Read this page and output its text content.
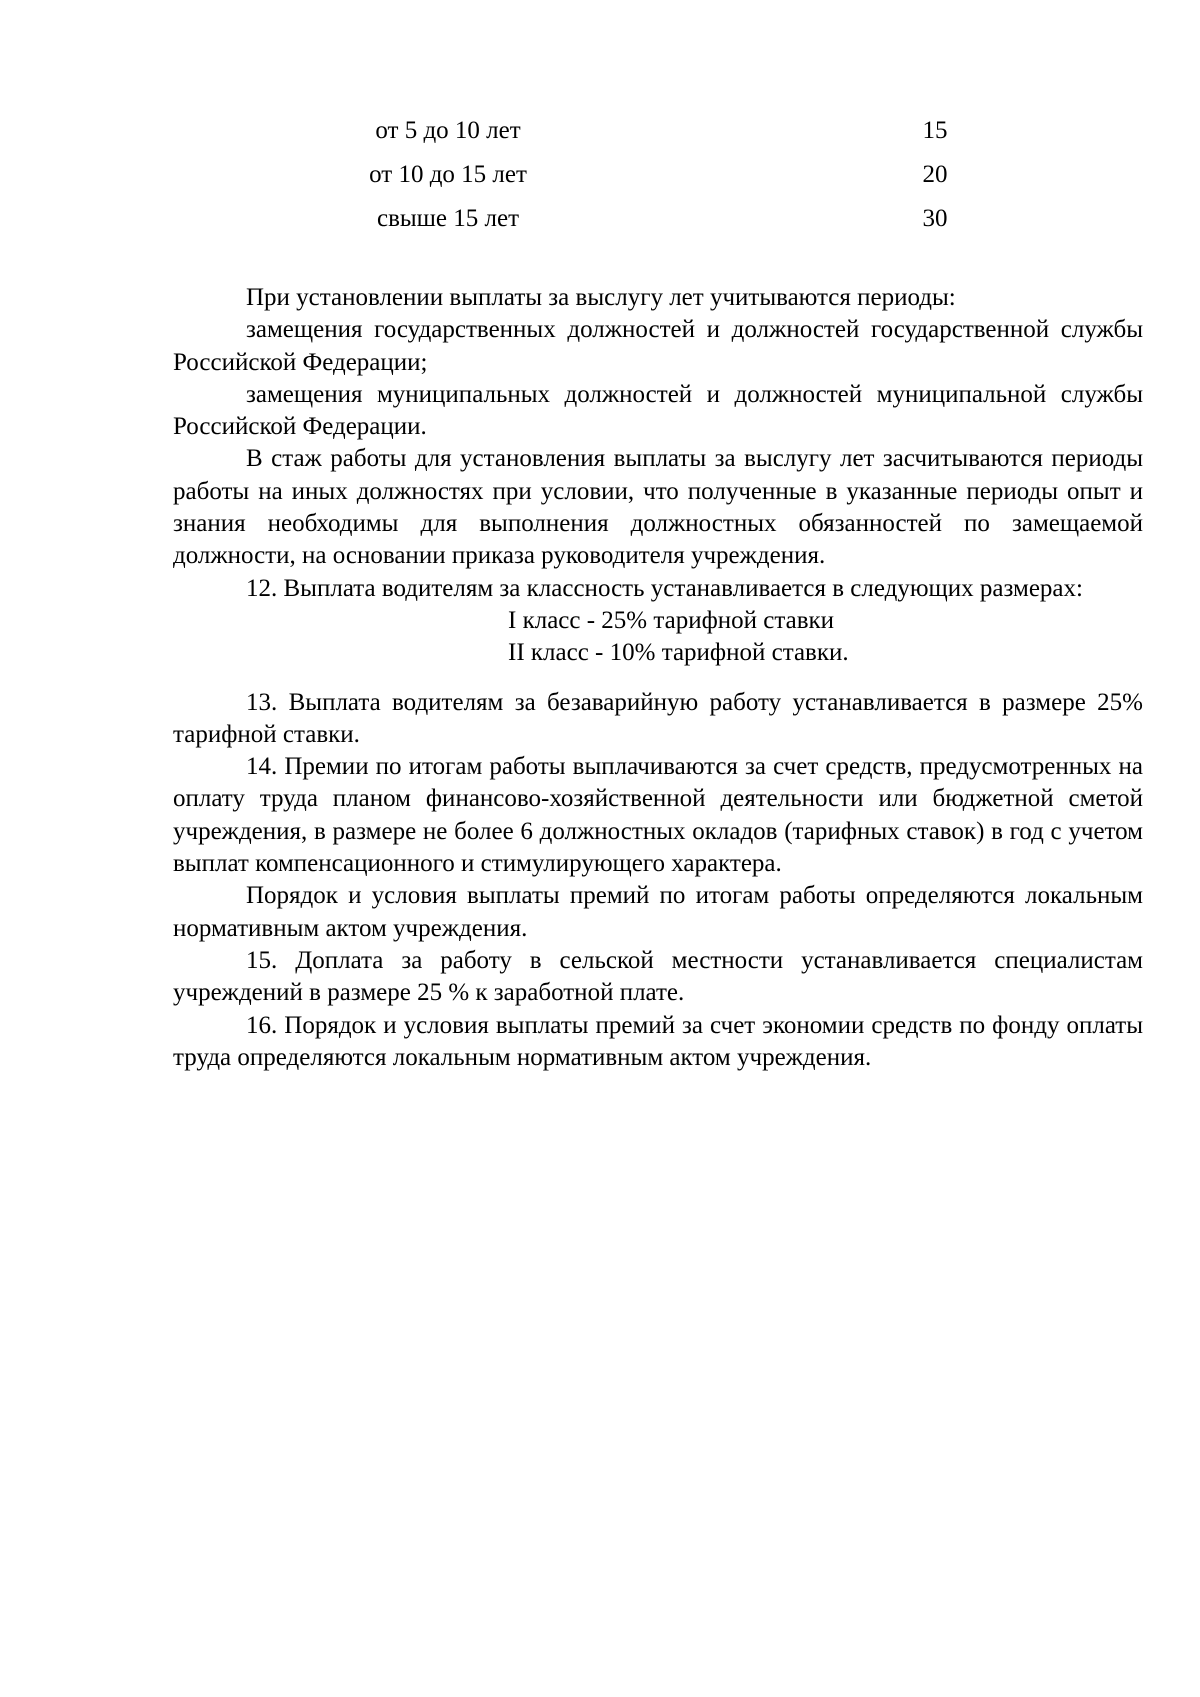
от 5 до 10 лет	15
от 10 до 15 лет	20
свыше 15 лет	30

При установлении выплаты за выслугу лет учитываются периоды:

замещения государственных должностей и должностей государственной службы Российской Федерации;

замещения муниципальных должностей и должностей муниципальной службы Российской Федерации.

В стаж работы для установления выплаты за выслугу лет засчитываются периоды работы на иных должностях при условии, что полученные в указанные периоды опыт и знания необходимы для выполнения должностных обязанностей по замещаемой должности, на основании приказа руководителя учреждения.

12. Выплата водителям за классность устанавливается в следующих размерах:

I класс - 25% тарифной ставки

II класс - 10% тарифной ставки.

13. Выплата водителям за безаварийную работу устанавливается в размере 25% тарифной ставки.

14. Премии по итогам работы выплачиваются за счет средств, предусмотренных на оплату труда планом финансово-хозяйственной деятельности или бюджетной сметой учреждения, в размере не более 6 должностных окладов (тарифных ставок) в год с учетом выплат компенсационного и стимулирующего характера.

Порядок и условия выплаты премий по итогам работы определяются локальным нормативным актом учреждения.

15. Доплата за работу в сельской местности устанавливается специалистам учреждений в размере 25 % к заработной плате.

16. Порядок и условия выплаты премий за счет экономии средств по фонду оплаты труда определяются локальным нормативным актом учреждения.
